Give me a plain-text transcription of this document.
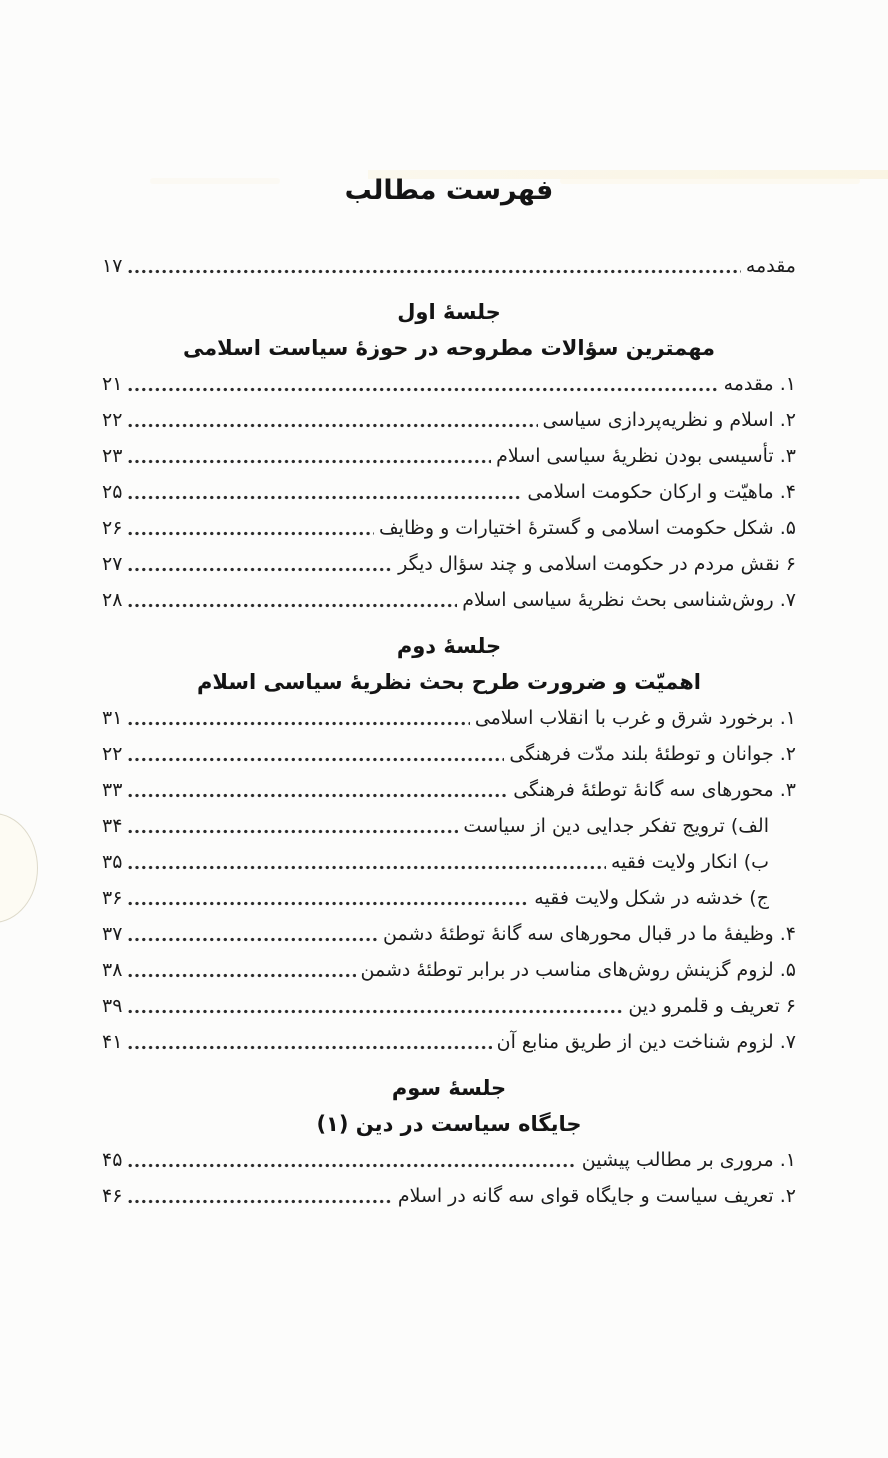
فهرست مطالب
مقدمه
۱۷
جلسهٔ اول
مهمترین سؤالات مطروحه در حوزهٔ سیاست اسلامی
۱. مقدمه
۲۱
۲. اسلام و نظریه‌پردازی سیاسی
۲۲
۳. تأسیسی بودن نظریهٔ سیاسی اسلام
۲۳
۴. ماهیّت و ارکان حکومت اسلامی
۲۵
۵. شکل حکومت اسلامی و گسترهٔ اختیارات و وظایف
۲۶
۶ نقش مردم در حکومت اسلامی و چند سؤال دیگر
۲۷
۷. روش‌شناسی بحث نظریهٔ سیاسی اسلام
۲۸
جلسهٔ دوم
اهمیّت و ضرورت طرح بحث نظریهٔ سیاسی اسلام
۱. برخورد شرق و غرب با انقلاب اسلامی
۳۱
۲. جوانان و توطئهٔ بلند مدّت فرهنگی
۲۲
۳. محورهای سه گانهٔ توطئهٔ فرهنگی
۳۳
الف) ترویج تفکر جدایی دین از سیاست
۳۴
ب) انکار ولایت فقیه
۳۵
ج) خدشه در شکل ولایت فقیه
۳۶
۴. وظیفهٔ ما در قبال محورهای سه گانهٔ توطئهٔ دشمن
۳۷
۵. لزوم گزینش روش‌های مناسب در برابر توطئهٔ دشمن
۳۸
۶ تعریف و قلمرو دین
۳۹
۷. لزوم شناخت دین از طریق منابع آن
۴۱
جلسهٔ سوم
جایگاه سیاست در دین (۱)
۱. مروری بر مطالب پیشین
۴۵
۲. تعریف سیاست و جایگاه قوای سه گانه در اسلام
۴۶
